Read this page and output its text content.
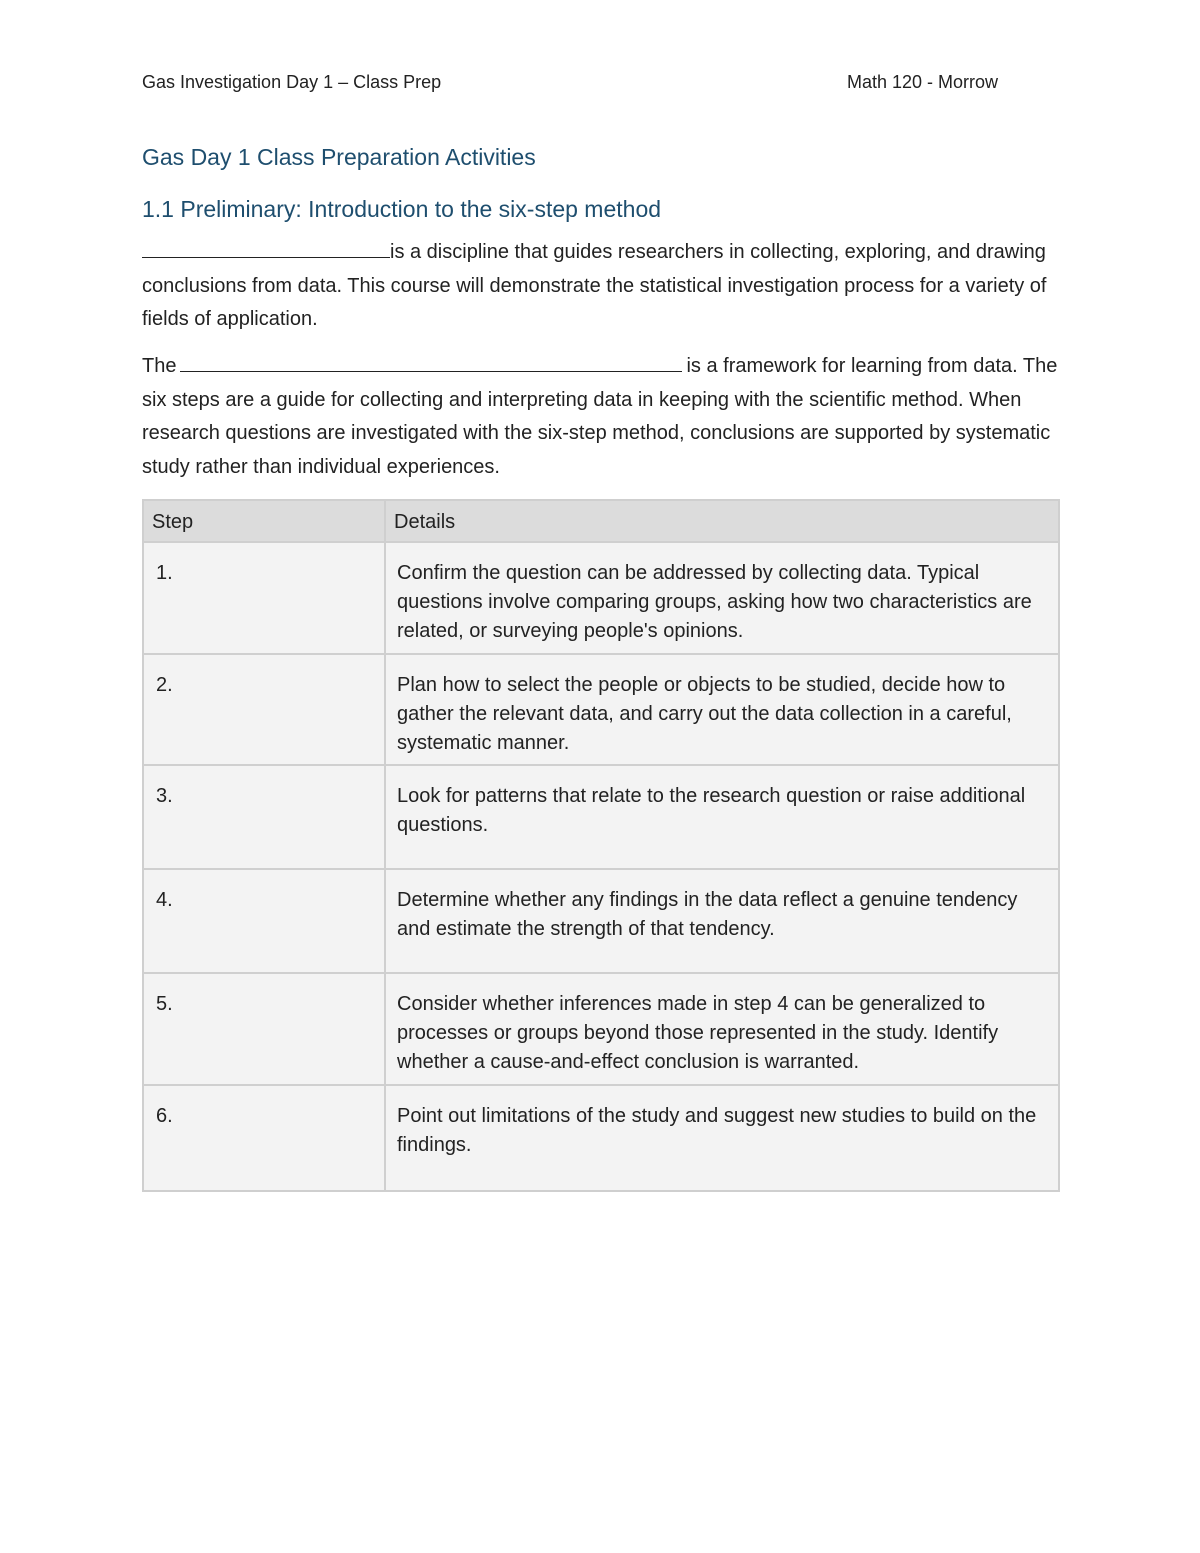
Gas Investigation Day 1 – Class Prep	Math 120 - Morrow
Gas Day 1 Class Preparation Activities
1.1 Preliminary: Introduction to the six-step method

is a discipline that guides researchers in collecting, exploring, and drawing conclusions from data. This course will demonstrate the statistical investigation process for a variety of fields of application.

The	is a framework for learning from data. The six steps are a guide for collecting and interpreting data in keeping with the scientific method. When research questions are investigated with the six-step method, conclusions are supported by systematic study rather than individual experiences.

Step	Details
1.	Confirm the question can be addressed by collecting data. Typical questions involve comparing groups, asking how two characteristics are related, or surveying people's opinions.
2.	Plan how to select the people or objects to be studied, decide how to gather the relevant data, and carry out the data collection in a careful, systematic manner.
3.	Look for patterns that relate to the research question or raise additional questions.
4.	Determine whether any findings in the data reflect a genuine tendency and estimate the strength of that tendency.
5.	Consider whether inferences made in step 4 can be generalized to processes or groups beyond those represented in the study. Identify whether a cause-and-effect conclusion is warranted.
6.	Point out limitations of the study and suggest new studies to build on the findings.
